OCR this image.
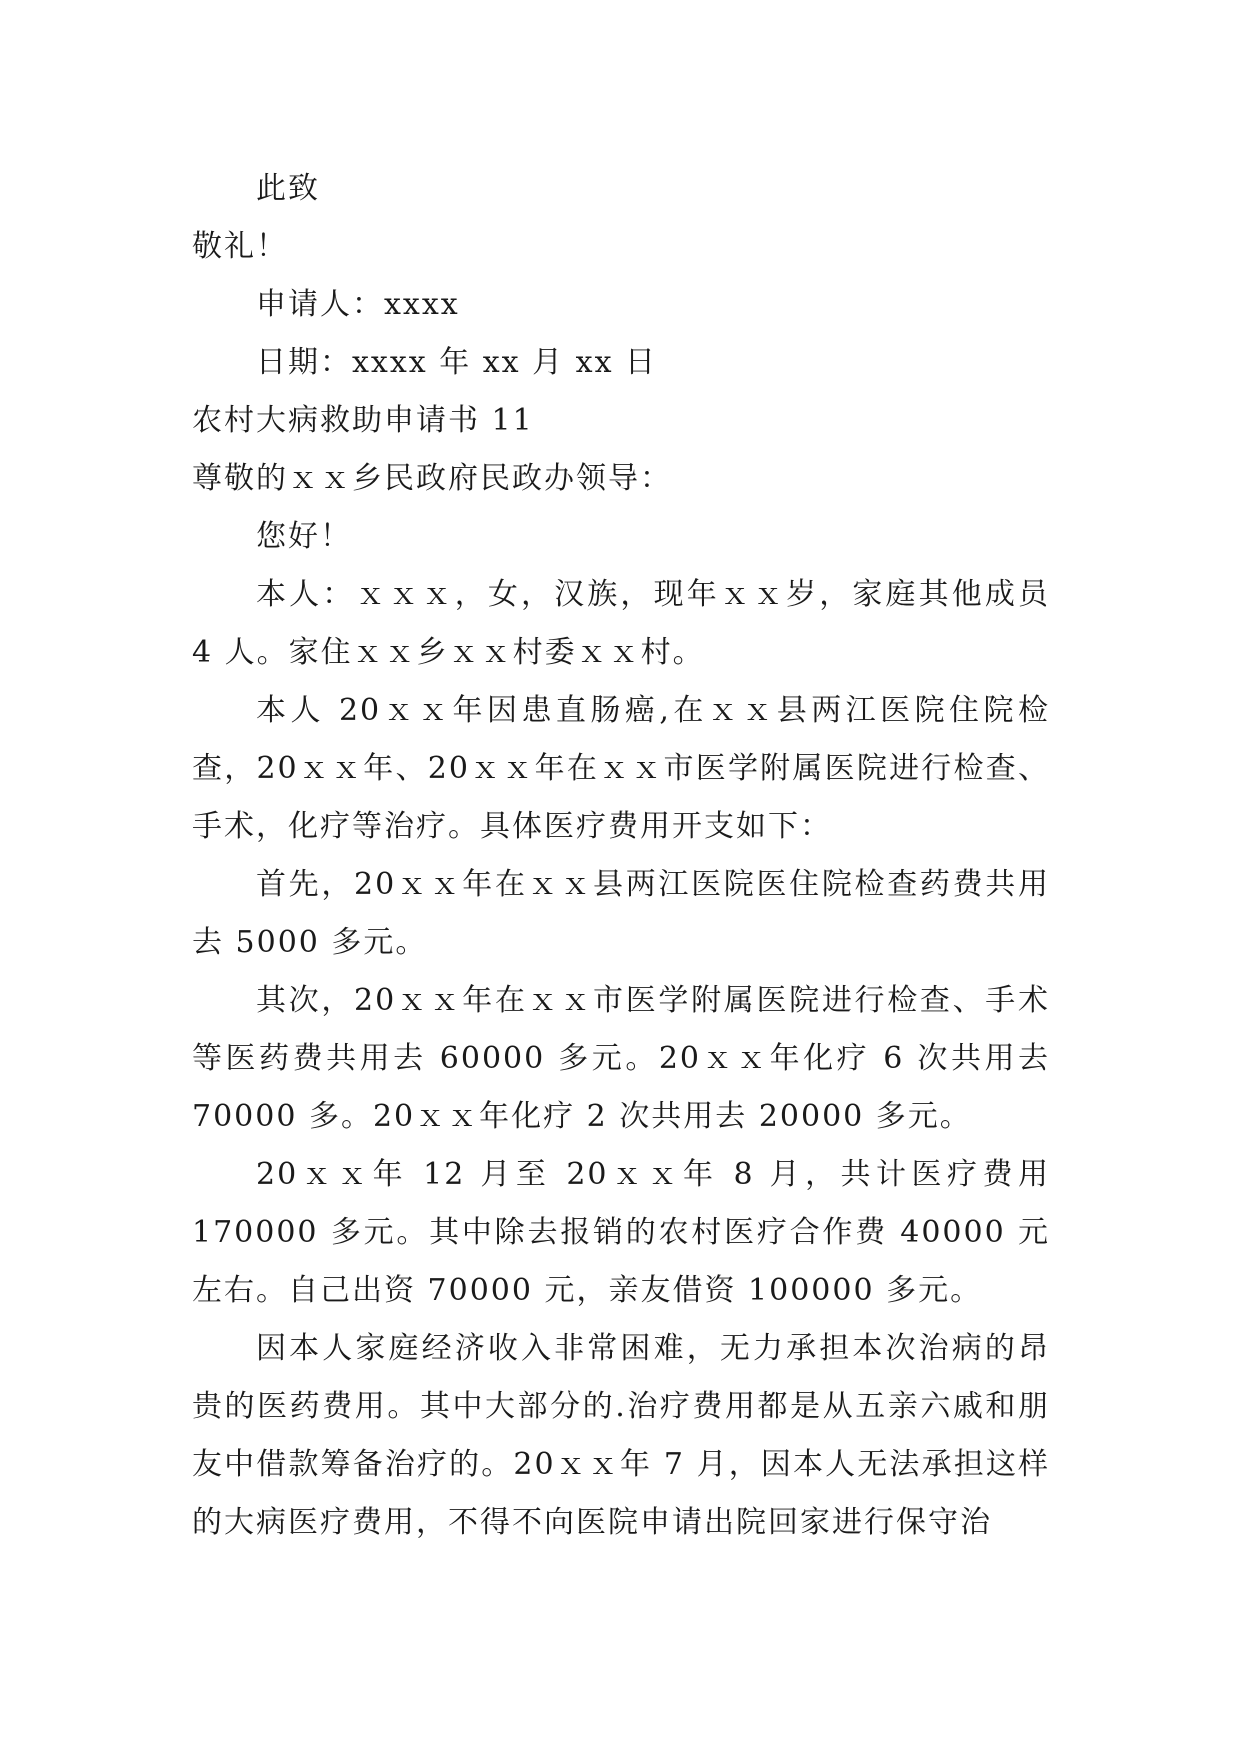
此致
敬礼！
申请人：xxxx
日期：xxxx 年 xx 月 xx 日
农村大病救助申请书 11
尊敬的ｘｘ乡民政府民政办领导：
您好！

本人：ｘｘｘ，女，汉族，现年ｘｘ岁，家庭其他成员 4 人。家住ｘｘ乡ｘｘ村委ｘｘ村。

本人 20ｘｘ年因患直肠癌,在ｘｘ县两江医院住院检查，20ｘｘ年、20ｘｘ年在ｘｘ市医学附属医院进行检查、手术，化疗等治疗。具体医疗费用开支如下：

首先，20ｘｘ年在ｘｘ县两江医院医住院检查药费共用去 5000 多元。

其次，20ｘｘ年在ｘｘ市医学附属医院进行检查、手术等医药费共用去 60000 多元。20ｘｘ年化疗 6 次共用去 70000 多。20ｘｘ年化疗 2 次共用去 20000 多元。

20ｘｘ年 12 月至 20ｘｘ年 8 月，共计医疗费用 170000 多元。其中除去报销的农村医疗合作费 40000 元左右。自己出资 70000 元，亲友借资 100000 多元。

因本人家庭经济收入非常困难，无力承担本次治病的昂贵的医药费用。其中大部分的.治疗费用都是从五亲六戚和朋友中借款筹备治疗的。20ｘｘ年 7 月，因本人无法承担这样的大病医疗费用，不得不向医院申请出院回家进行保守治
